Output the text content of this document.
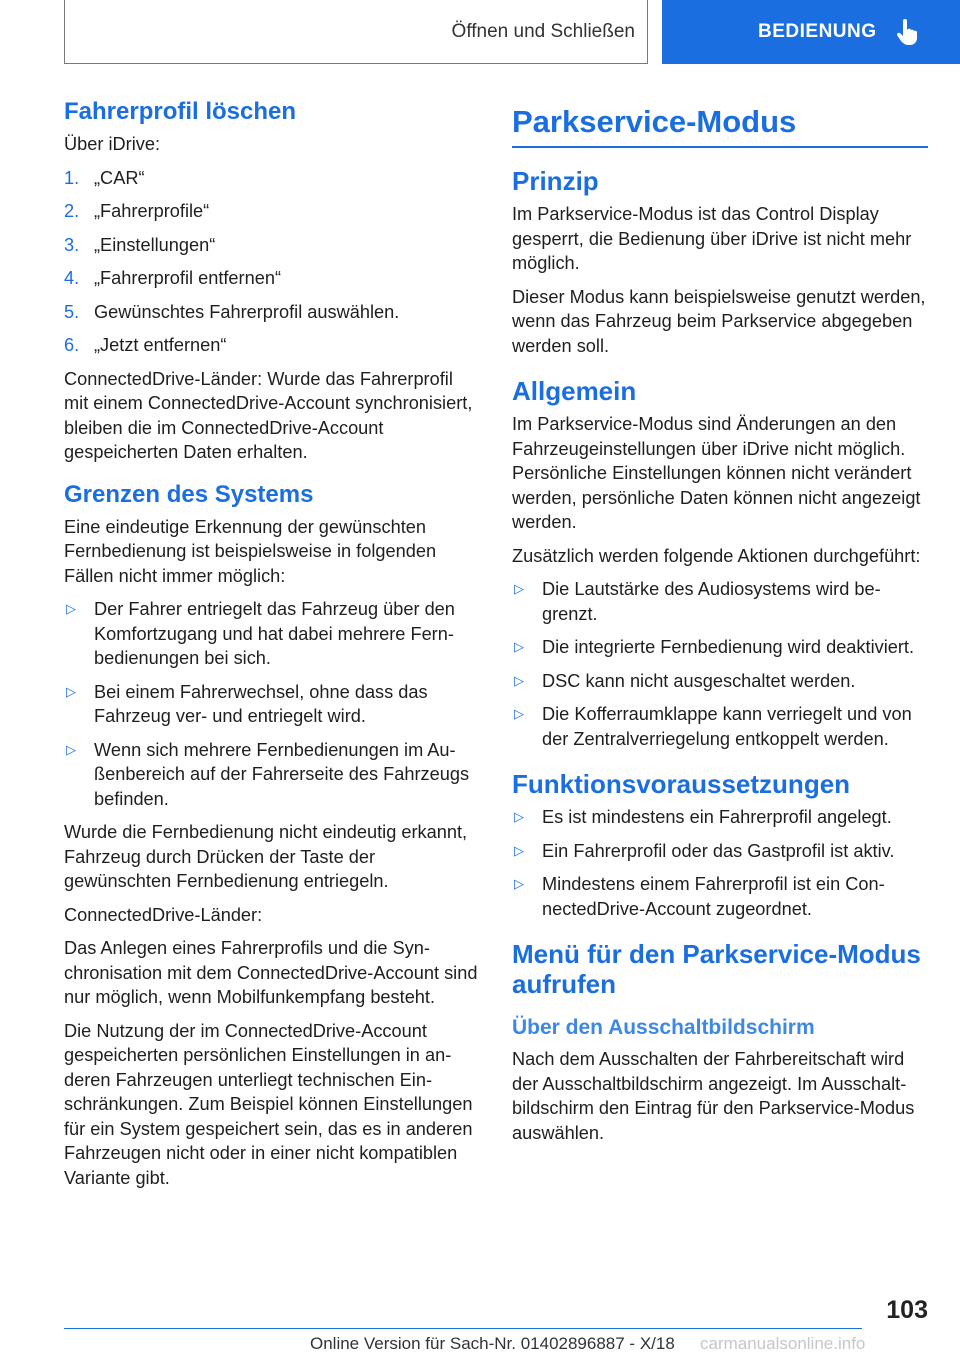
Öffnen und Schließen	BEDIENUNG
Fahrerprofil löschen

Über iDrive:

1. „CAR“
2. „Fahrerprofile“
3. „Einstellungen“
4. „Fahrerprofil entfernen“
5. Gewünschtes Fahrerprofil auswählen.
6. „Jetzt entfernen“

ConnectedDrive-Länder: Wurde das Fahrerprofil mit einem ConnectedDrive-Account synchronisiert, bleiben die im ConnectedDrive-Account gespeicherten Daten erhalten.

Grenzen des Systems

Eine eindeutige Erkennung der gewünschten Fernbedienung ist beispielsweise in folgenden Fällen nicht immer möglich:

▷ Der Fahrer entriegelt das Fahrzeug über den Komfortzugang und hat dabei mehrere Fernbedienungen bei sich.
▷ Bei einem Fahrerwechsel, ohne dass das Fahrzeug ver- und entriegelt wird.
▷ Wenn sich mehrere Fernbedienungen im Außenbereich auf der Fahrerseite des Fahrzeugs befinden.

Wurde die Fernbedienung nicht eindeutig erkannt, Fahrzeug durch Drücken der Taste der gewünschten Fernbedienung entriegeln.

ConnectedDrive-Länder:

Das Anlegen eines Fahrerprofils und die Synchronisation mit dem ConnectedDrive-Account sind nur möglich, wenn Mobilfunkempfang besteht.

Die Nutzung der im ConnectedDrive-Account gespeicherten persönlichen Einstellungen in anderen Fahrzeugen unterliegt technischen Einschränkungen. Zum Beispiel können Einstellungen für ein System gespeichert sein, das es in anderen Fahrzeugen nicht oder in einer nicht kompatiblen Variante gibt.

Parkservice-Modus
Prinzip

Im Parkservice-Modus ist das Control Display gesperrt, die Bedienung über iDrive ist nicht mehr möglich.

Dieser Modus kann beispielsweise genutzt werden, wenn das Fahrzeug beim Parkservice abgegeben werden soll.

Allgemein

Im Parkservice-Modus sind Änderungen an den Fahrzeugeinstellungen über iDrive nicht möglich. Persönliche Einstellungen können nicht verändert werden, persönliche Daten können nicht angezeigt werden.

Zusätzlich werden folgende Aktionen durchgeführt:

▷ Die Lautstärke des Audiosystems wird begrenzt.
▷ Die integrierte Fernbedienung wird deaktiviert.
▷ DSC kann nicht ausgeschaltet werden.
▷ Die Kofferraumklappe kann verriegelt und von der Zentralverriegelung entkoppelt werden.
Funktionsvoraussetzungen
▷ Es ist mindestens ein Fahrerprofil angelegt.
▷ Ein Fahrerprofil oder das Gastprofil ist aktiv.
▷ Mindestens einem Fahrerprofil ist ein ConnectedDrive-Account zugeordnet.
Menü für den Parkservice-Modus aufrufen
Über den Ausschaltbildschirm

Nach dem Ausschalten der Fahrbereitschaft wird der Ausschaltbildschirm angezeigt. Im Ausschaltbildschirm den Eintrag für den Parkservice-Modus auswählen.

103
Online Version für Sach-Nr. 01402896887 - X/18 carmanualsonline.info
